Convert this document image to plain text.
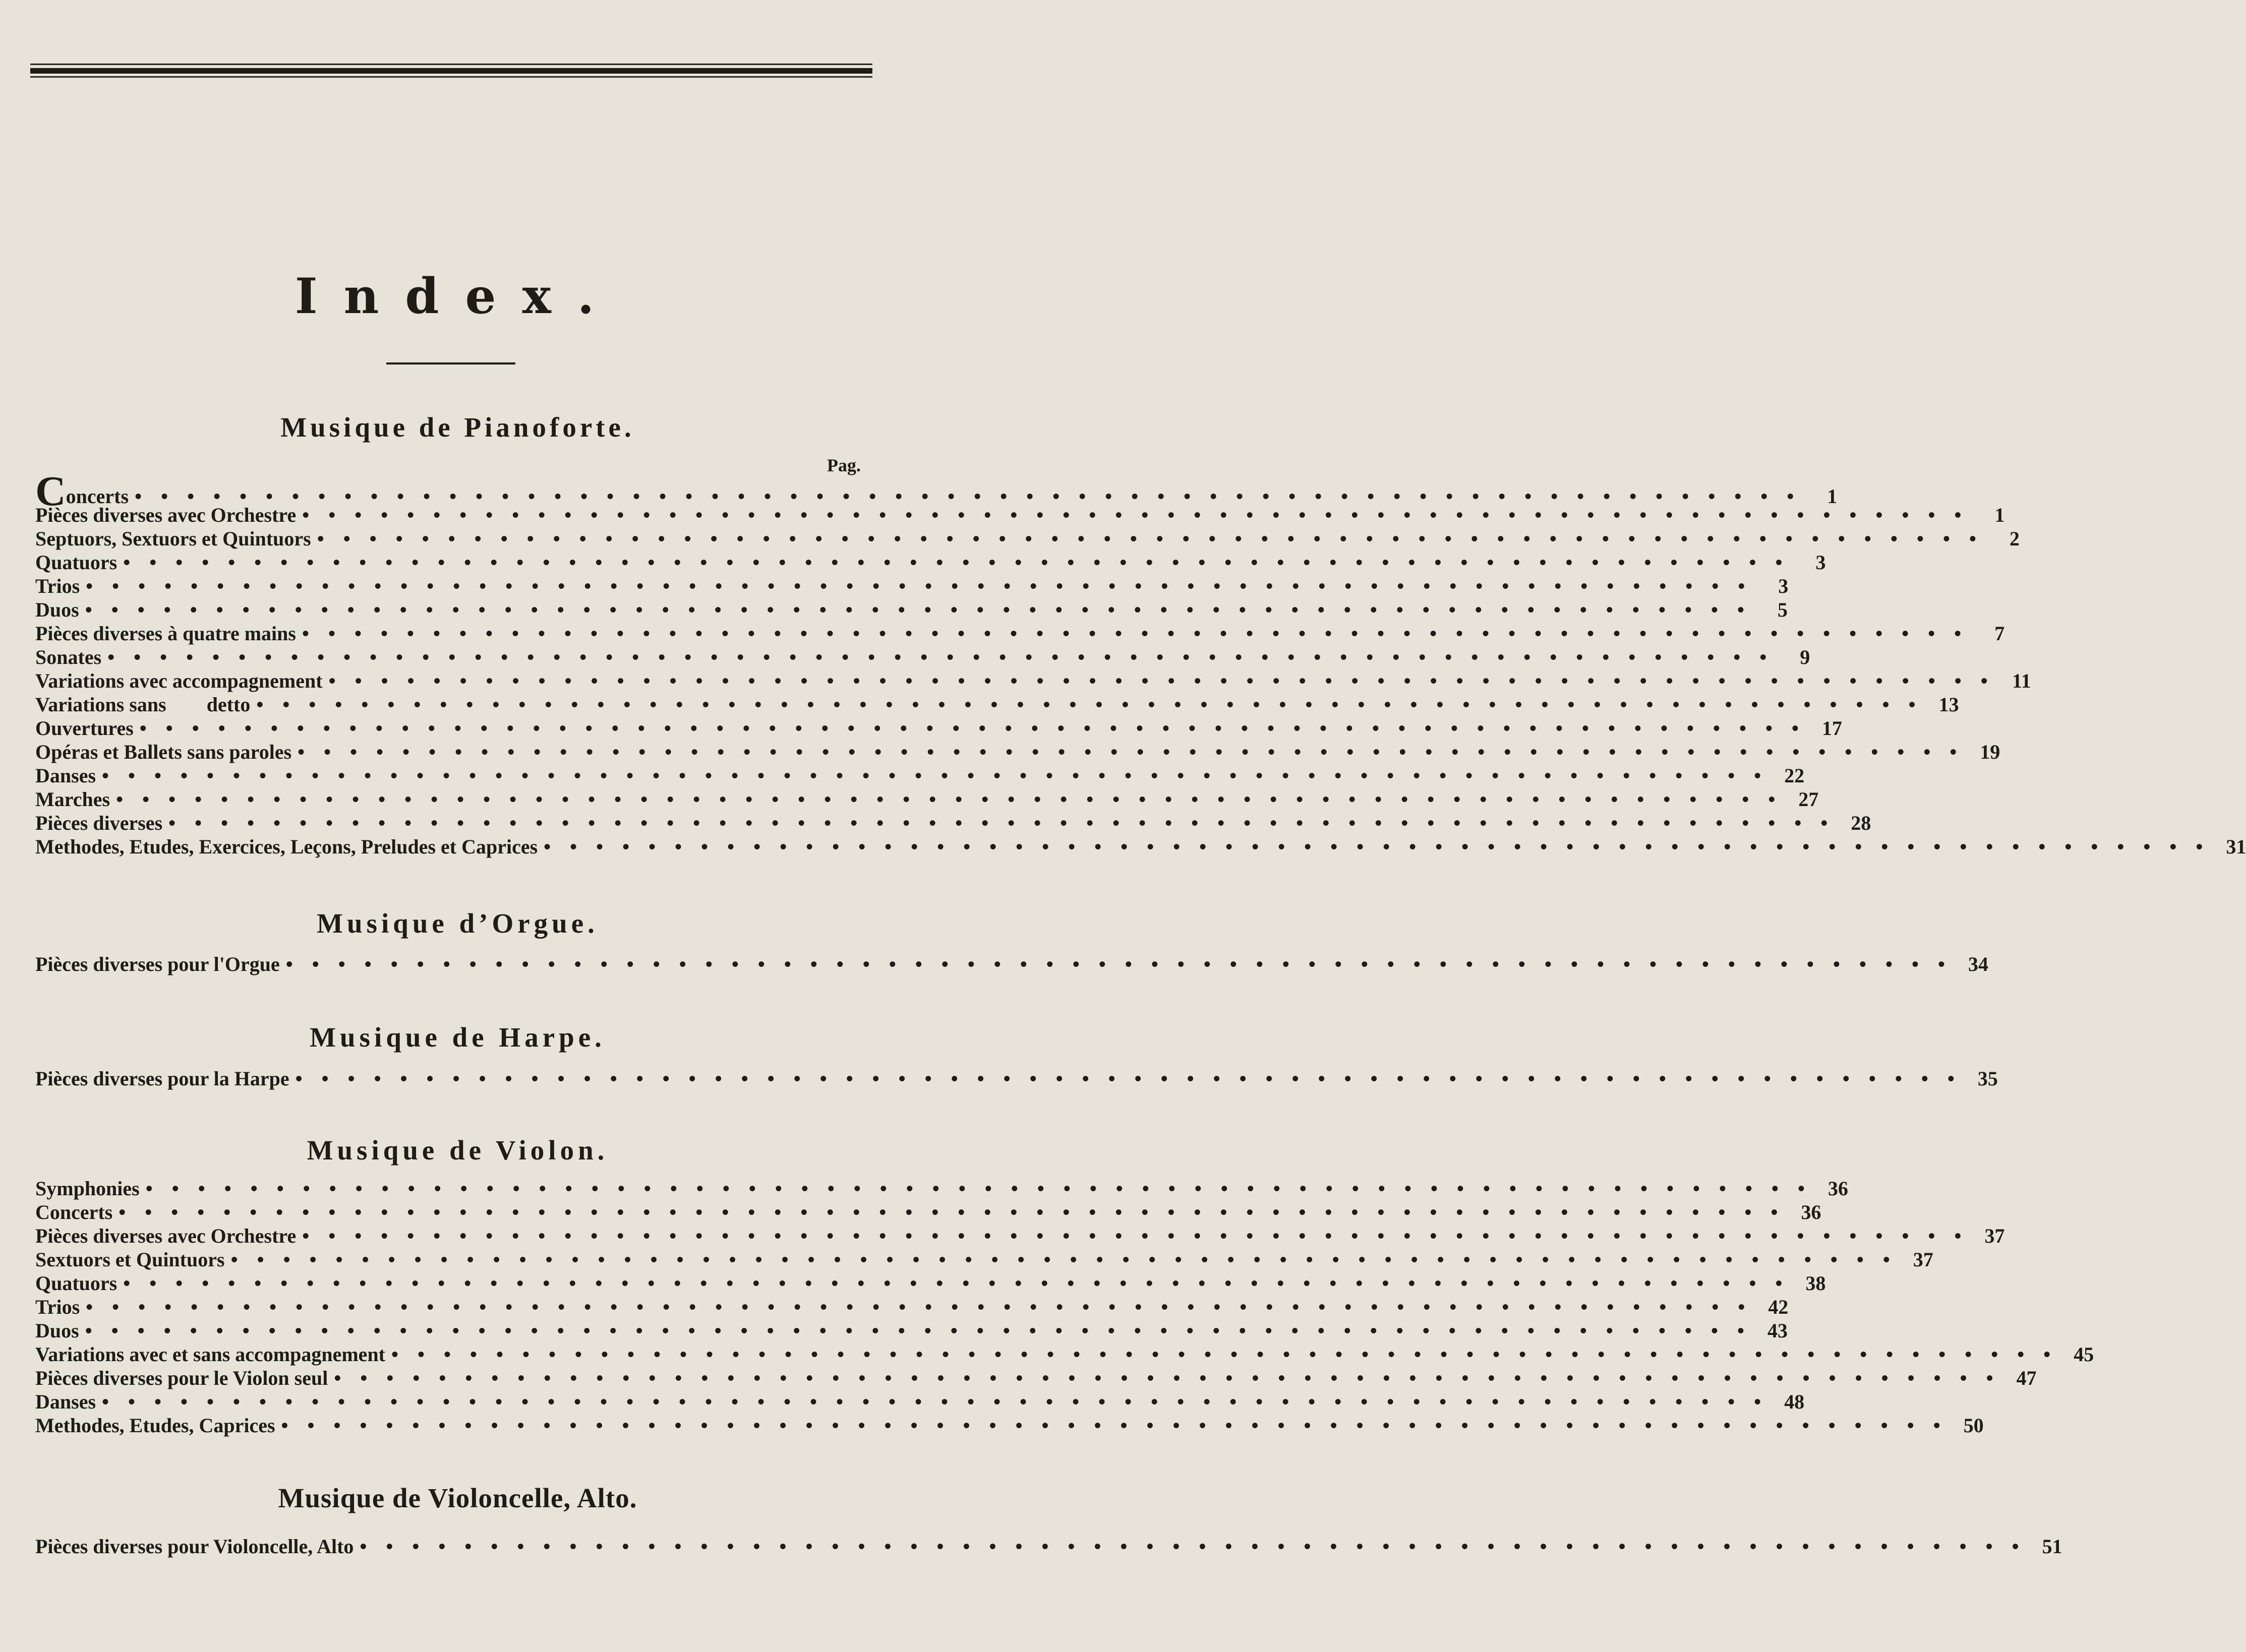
Index.
Musique de Pianoforte.
Pag.
Concerts • • • • • • • • • • • • • • • • • • • • • • • • • • • • • • • • • • • • • • • • • • • • • • • • • • • • • • • • • • • • • • • •	1
Pièces diverses avec Orchestre • • • • • • • • • • • • • • • • • • • • • • • • • • • • • • • • • • • • • • • • • • • • • • • • • • • • • • • • • • • • • • • •	1
Septuors, Sextuors et Quintuors • • • • • • • • • • • • • • • • • • • • • • • • • • • • • • • • • • • • • • • • • • • • • • • • • • • • • • • • • • • • • • • •	2
Quatuors • • • • • • • • • • • • • • • • • • • • • • • • • • • • • • • • • • • • • • • • • • • • • • • • • • • • • • • • • • • • • • • •	3
Trios • • • • • • • • • • • • • • • • • • • • • • • • • • • • • • • • • • • • • • • • • • • • • • • • • • • • • • • • • • • • • • • •	3
Duos • • • • • • • • • • • • • • • • • • • • • • • • • • • • • • • • • • • • • • • • • • • • • • • • • • • • • • • • • • • • • • • •	5
Pièces diverses à quatre mains • • • • • • • • • • • • • • • • • • • • • • • • • • • • • • • • • • • • • • • • • • • • • • • • • • • • • • • • • • • • • • • •	7
Sonates • • • • • • • • • • • • • • • • • • • • • • • • • • • • • • • • • • • • • • • • • • • • • • • • • • • • • • • • • • • • • • • •	9
Variations avec accompagnement • • • • • • • • • • • • • • • • • • • • • • • • • • • • • • • • • • • • • • • • • • • • • • • • • • • • • • • • • • • • • • • • 11
Variations sans        detto • • • • • • • • • • • • • • • • • • • • • • • • • • • • • • • • • • • • • • • • • • • • • • • • • • • • • • • • • • • • • • • • 13
Ouvertures • • • • • • • • • • • • • • • • • • • • • • • • • • • • • • • • • • • • • • • • • • • • • • • • • • • • • • • • • • • • • • • • 17
Opéras et Ballets sans paroles • • • • • • • • • • • • • • • • • • • • • • • • • • • • • • • • • • • • • • • • • • • • • • • • • • • • • • • • • • • • • • • • 19
Danses • • • • • • • • • • • • • • • • • • • • • • • • • • • • • • • • • • • • • • • • • • • • • • • • • • • • • • • • • • • • • • • • 22
Marches • • • • • • • • • • • • • • • • • • • • • • • • • • • • • • • • • • • • • • • • • • • • • • • • • • • • • • • • • • • • • • • • 27
Pièces diverses • • • • • • • • • • • • • • • • • • • • • • • • • • • • • • • • • • • • • • • • • • • • • • • • • • • • • • • • • • • • • • • • 28
Methodes, Etudes, Exercices, Leçons, Preludes et Caprices • • • • • • • • • • • • • • • • • • • • • • • • • • • • • • • • • • • • • • • • • • • • • • • • • • • • • • • • • • • • • • • • 31
Musique d’Orgue.
Pièces diverses pour l'Orgue • • • • • • • • • • • • • • • • • • • • • • • • • • • • • • • • • • • • • • • • • • • • • • • • • • • • • • • • • • • • • • • • 34
Musique de Harpe.
Pièces diverses pour la Harpe • • • • • • • • • • • • • • • • • • • • • • • • • • • • • • • • • • • • • • • • • • • • • • • • • • • • • • • • • • • • • • • • 35
Musique de Violon.
Symphonies • • • • • • • • • • • • • • • • • • • • • • • • • • • • • • • • • • • • • • • • • • • • • • • • • • • • • • • • • • • • • • • • 36
Concerts • • • • • • • • • • • • • • • • • • • • • • • • • • • • • • • • • • • • • • • • • • • • • • • • • • • • • • • • • • • • • • • • 36
Pièces diverses avec Orchestre • • • • • • • • • • • • • • • • • • • • • • • • • • • • • • • • • • • • • • • • • • • • • • • • • • • • • • • • • • • • • • • • 37
Sextuors et Quintuors • • • • • • • • • • • • • • • • • • • • • • • • • • • • • • • • • • • • • • • • • • • • • • • • • • • • • • • • • • • • • • • • 37
Quatuors • • • • • • • • • • • • • • • • • • • • • • • • • • • • • • • • • • • • • • • • • • • • • • • • • • • • • • • • • • • • • • • • 38
Trios • • • • • • • • • • • • • • • • • • • • • • • • • • • • • • • • • • • • • • • • • • • • • • • • • • • • • • • • • • • • • • • • 42
Duos • • • • • • • • • • • • • • • • • • • • • • • • • • • • • • • • • • • • • • • • • • • • • • • • • • • • • • • • • • • • • • • • 43
Variations avec et sans accompagnement • • • • • • • • • • • • • • • • • • • • • • • • • • • • • • • • • • • • • • • • • • • • • • • • • • • • • • • • • • • • • • • • 45
Pièces diverses pour le Violon seul • • • • • • • • • • • • • • • • • • • • • • • • • • • • • • • • • • • • • • • • • • • • • • • • • • • • • • • • • • • • • • • • 47
Danses • • • • • • • • • • • • • • • • • • • • • • • • • • • • • • • • • • • • • • • • • • • • • • • • • • • • • • • • • • • • • • • • 48
Methodes, Etudes, Caprices • • • • • • • • • • • • • • • • • • • • • • • • • • • • • • • • • • • • • • • • • • • • • • • • • • • • • • • • • • • • • • • • 50
Musique de Violoncelle, Alto.
Pièces diverses pour Violoncelle, Alto • • • • • • • • • • • • • • • • • • • • • • • • • • • • • • • • • • • • • • • • • • • • • • • • • • • • • • • • • • • • • • • • 51
